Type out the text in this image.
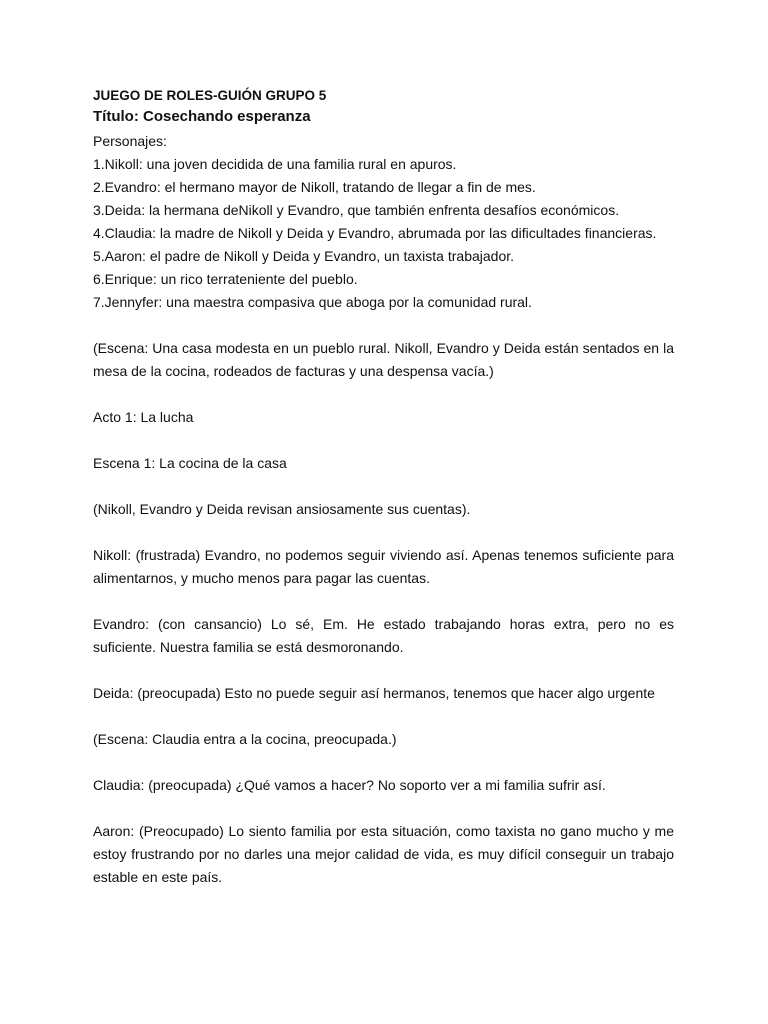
JUEGO DE ROLES-GUIÓN GRUPO 5

Título: Cosechando esperanza

Personajes:

1.Nikoll: una joven decidida de una familia rural en apuros.
2.Evandro: el hermano mayor de Nikoll, tratando de llegar a fin de mes.
3.Deida: la hermana deNikoll y Evandro, que también enfrenta desafíos económicos.
4.Claudia: la madre de Nikoll y Deida y Evandro, abrumada por las dificultades financieras.
5.Aaron: el padre de Nikoll y Deida y Evandro, un taxista trabajador.
6.Enrique: un rico terrateniente del pueblo.
7.Jennyfer: una maestra compasiva que aboga por la comunidad rural.

(Escena: Una casa modesta en un pueblo rural. Nikoll, Evandro y Deida están sentados en la mesa de la cocina, rodeados de facturas y una despensa vacía.)

Acto 1: La lucha

Escena 1: La cocina de la casa

(Nikoll, Evandro y Deida revisan ansiosamente sus cuentas).

Nikoll: (frustrada) Evandro, no podemos seguir viviendo así. Apenas tenemos suficiente para alimentarnos, y mucho menos para pagar las cuentas.

Evandro: (con cansancio) Lo sé, Em. He estado trabajando horas extra, pero no es suficiente. Nuestra familia se está desmoronando.

Deida: (preocupada) Esto no puede seguir así hermanos, tenemos que hacer algo urgente

(Escena: Claudia entra a la cocina, preocupada.)

Claudia: (preocupada) ¿Qué vamos a hacer? No soporto ver a mi familia sufrir así.

Aaron: (Preocupado) Lo siento familia por esta situación, como taxista no gano mucho y me estoy frustrando por no darles una mejor calidad de vida, es muy difícil conseguir un trabajo estable en este país.
